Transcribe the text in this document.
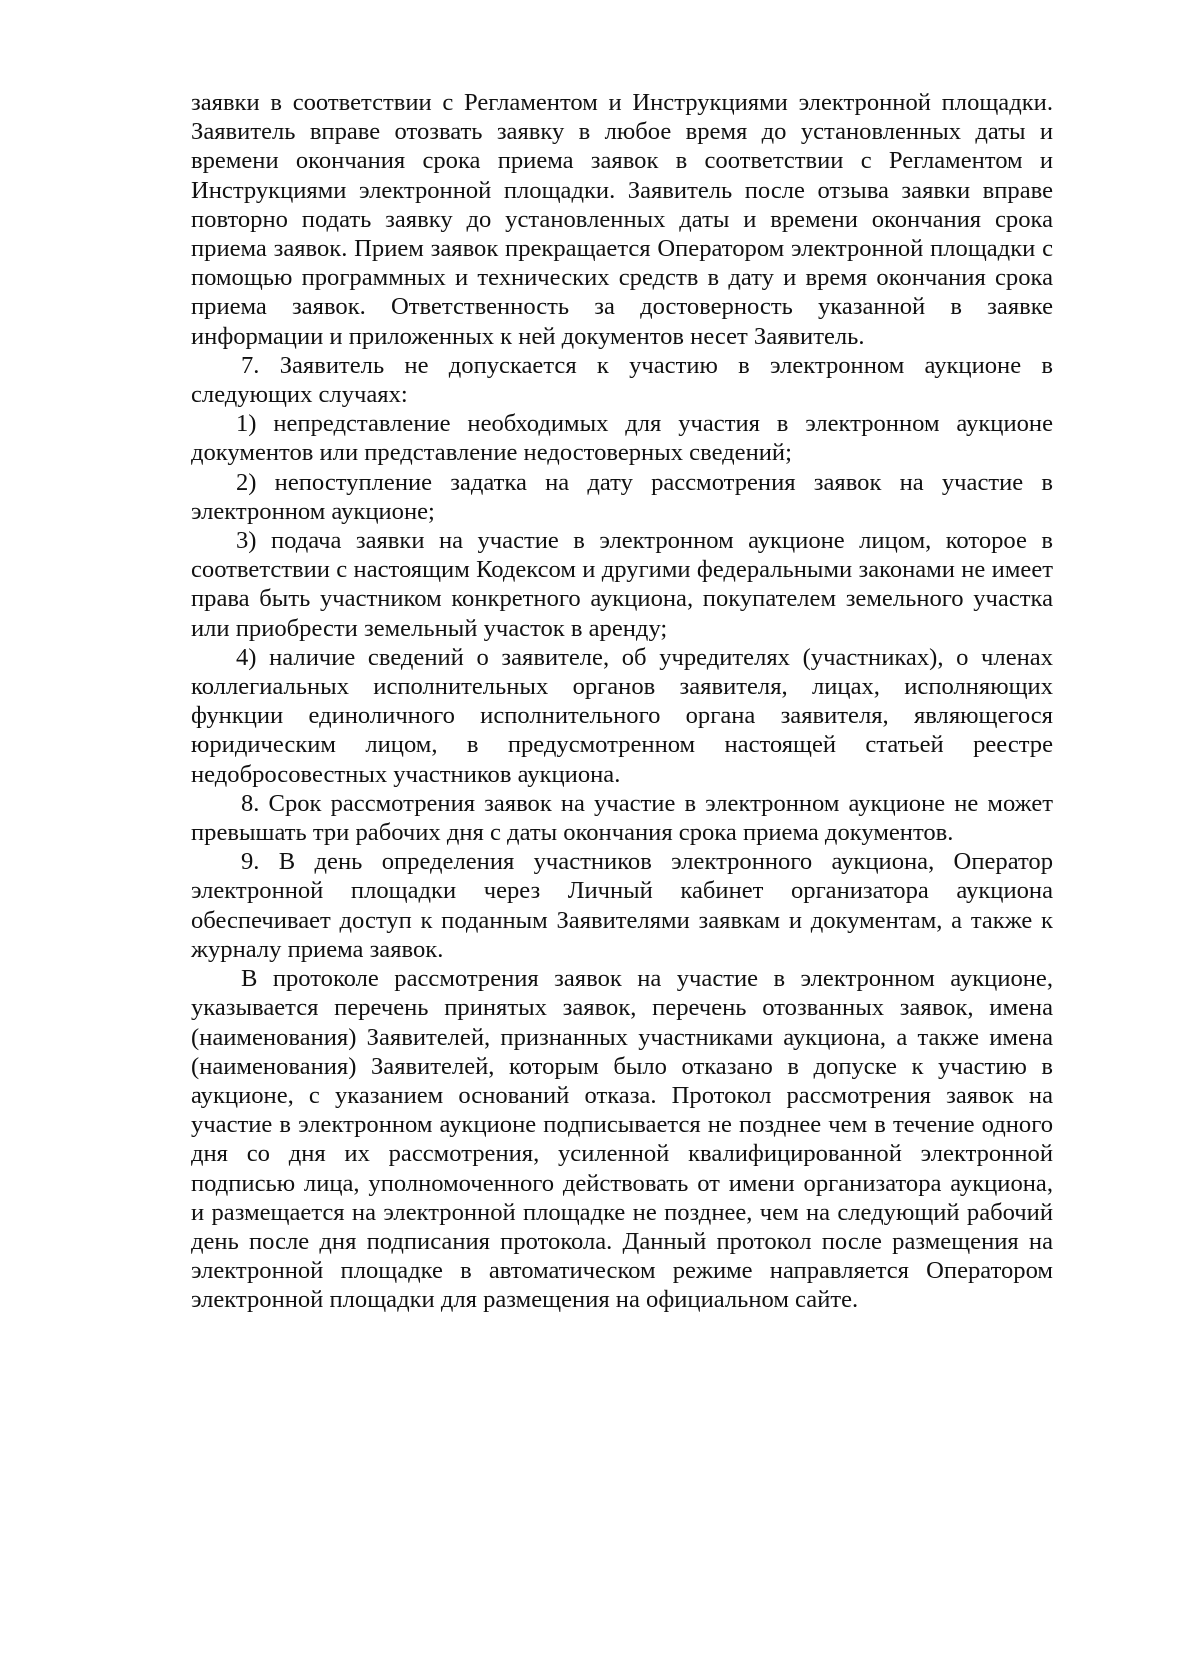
заявки в соответствии с Регламентом и Инструкциями электронной площадки. Заявитель вправе отозвать заявку в любое время до установленных даты и времени окончания срока приема заявок в соответствии с Регламентом и Инструкциями электронной площадки. Заявитель после отзыва заявки вправе повторно подать заявку до установленных даты и времени окончания срока приема заявок. Прием заявок прекращается Оператором электронной площадки с помощью программных и технических средств в дату и время окончания срока приема заявок. Ответственность за достоверность указанной в заявке информации и приложенных к ней документов несет Заявитель.

7. Заявитель не допускается к участию в электронном аукционе в следующих случаях:

1) непредставление необходимых для участия в электронном аукционе документов или представление недостоверных сведений;

2) непоступление задатка на дату рассмотрения заявок на участие в электронном аукционе;

3) подача заявки на участие в электронном аукционе лицом, которое в соответствии с настоящим Кодексом и другими федеральными законами не имеет права быть участником конкретного аукциона, покупателем земельного участка или приобрести земельный участок в аренду;

4) наличие сведений о заявителе, об учредителях (участниках), о членах коллегиальных исполнительных органов заявителя, лицах, исполняющих функции единоличного исполнительного органа заявителя, являющегося юридическим лицом, в предусмотренном настоящей статьей реестре недобросовестных участников аукциона.

8. Срок рассмотрения заявок на участие в электронном аукционе не может превышать три рабочих дня с даты окончания срока приема документов.

9. В день определения участников электронного аукциона, Оператор электронной площадки через Личный кабинет организатора аукциона обеспечивает доступ к поданным Заявителями заявкам и документам, а также к журналу приема заявок.

В протоколе рассмотрения заявок на участие в электронном аукционе, указывается перечень принятых заявок, перечень отозванных заявок, имена (наименования) Заявителей, признанных участниками аукциона, а также имена (наименования) Заявителей, которым было отказано в допуске к участию в аукционе, с указанием оснований отказа. Протокол рассмотрения заявок на участие в электронном аукционе подписывается не позднее чем в течение одного дня со дня их рассмотрения, усиленной квалифицированной электронной подписью лица, уполномоченного действовать от имени организатора аукциона, и размещается на электронной площадке не позднее, чем на следующий рабочий день после дня подписания протокола. Данный протокол после размещения на электронной площадке в автоматическом режиме направляется Оператором электронной площадки для размещения на официальном сайте.
